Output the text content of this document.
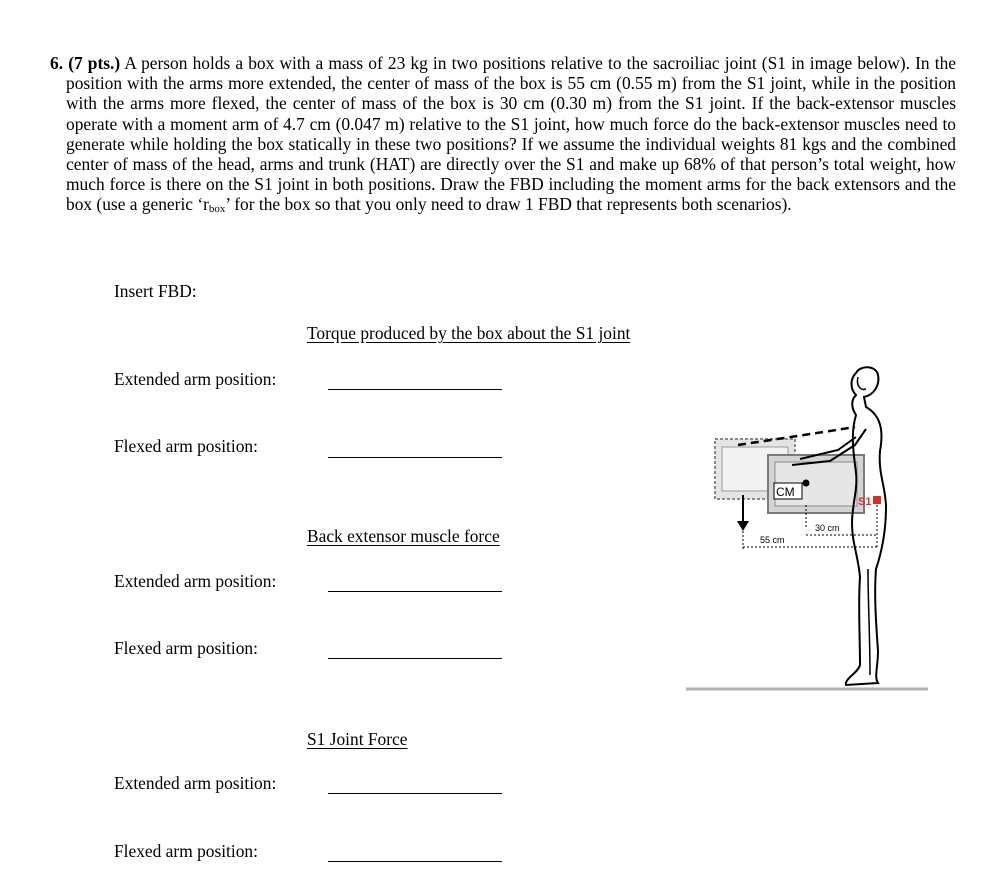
6. (7 pts.) A person holds a box with a mass of 23 kg in two positions relative to the sacroiliac joint (S1 in image below). In the position with the arms more extended, the center of mass of the box is 55 cm (0.55 m) from the S1 joint, while in the position with the arms more flexed, the center of mass of the box is 30 cm (0.30 m) from the S1 joint. If the back-extensor muscles operate with a moment arm of 4.7 cm (0.047 m) relative to the S1 joint, how much force do the back-extensor muscles need to generate while holding the box statically in these two positions? If we assume the individual weights 81 kgs and the combined center of mass of the head, arms and trunk (HAT) are directly over the S1 and make up 68% of that person’s total weight, how much force is there on the S1 joint in both positions. Draw the FBD including the moment arms for the back extensors and the box (use a generic ‘$r_{box}$’ for the box so that you only need to draw 1 FBD that represents both scenarios).
Insert FBD:
Torque produced by the box about the S1 joint
Extended arm position:
Flexed arm position:
Back extensor muscle force
Extended arm position:
Flexed arm position:
S1 Joint Force
Extended arm position:
Flexed arm position:
CM
S1
30 cm
55 cm
